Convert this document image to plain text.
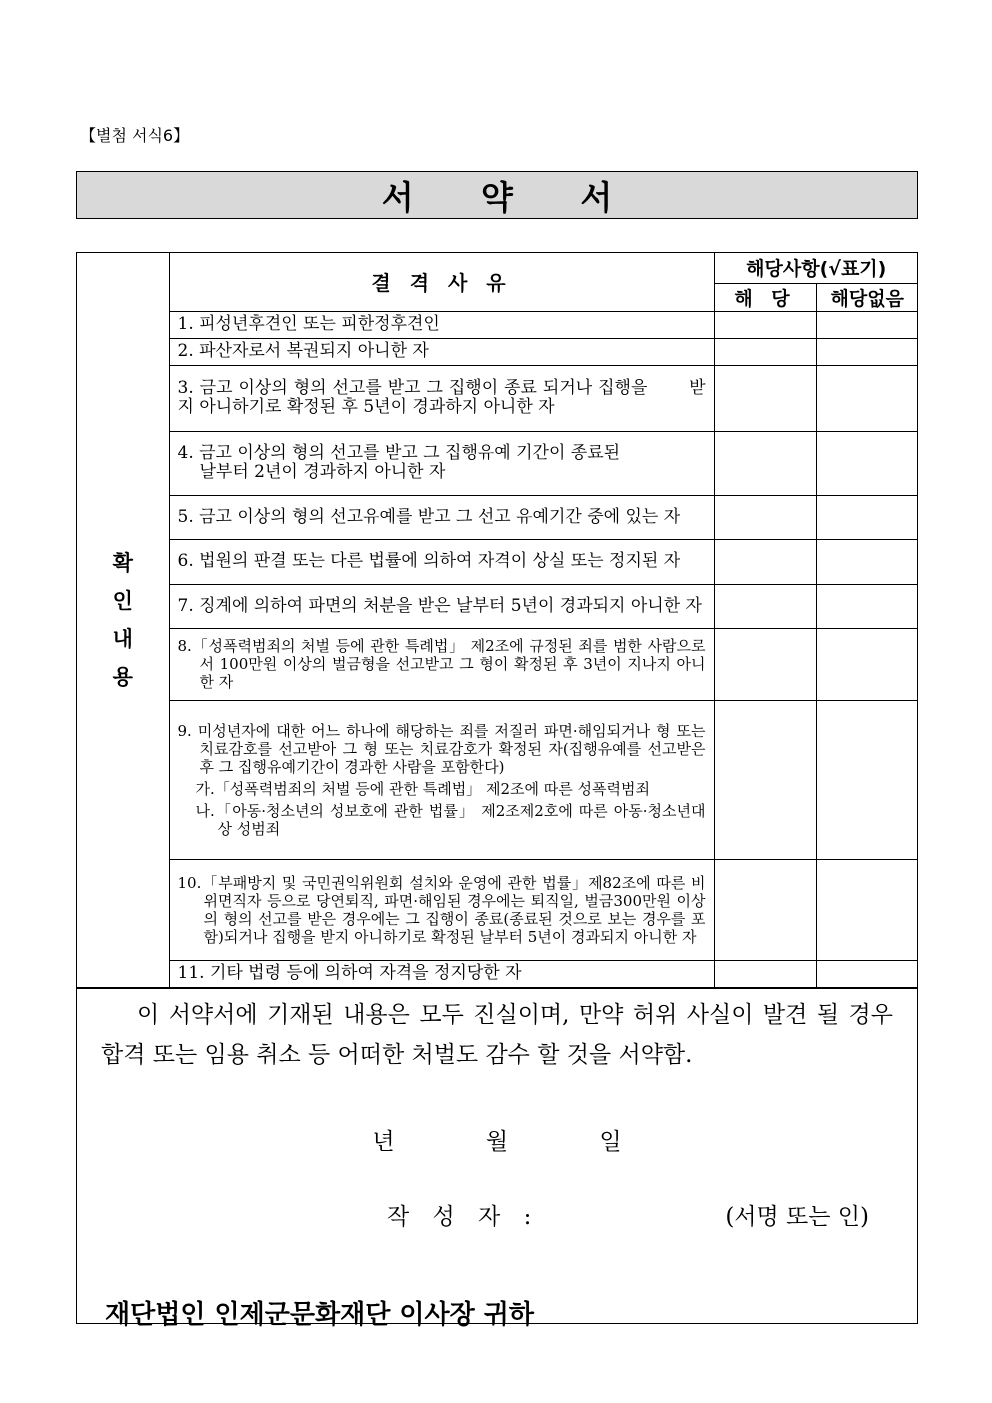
【별첨 서식6】
서 약 서
확 인
내 용	결 격 사 유	해당사항(√표기)	
		해 당	해당없음
	1. 피성년후견인 또는 피한정후견인		
	2. 파산자로서 복권되지 아니한 자		
	3. 금고 이상의 형의 선고를 받고 그 집행이 종료 되거나 집행을       받지 아니하기로 확정된 후 5년이 경과하지 아니한 자		

	4. 금고 이상의 형의 선고를 받고 그 집행유예 기간이 종료된
날부터 2년이 경과하지 아니한 자		

	5. 금고 이상의 형의 선고유예를 받고 그 선고 유예기간 중에 있는 자		
	6. 법원의 판결 또는 다른 법률에 의하여 자격이 상실 또는 정지된 자		
	7. 징계에 의하여 파면의 처분을 받은 날부터 5년이 경과되지 아니한 자		

	8.「성폭력범죄의 처벌 등에 관한 특례법」 제2조에 규정된 죄를 범한 사람으로서 100만원 이상의 벌금형을 선고받고 그 형이 확정된 후 3년이 지나지 아니한 자		

	9. 미성년자에 대한 어느 하나에 해당하는 죄를 저질러 파면·해임되거나 형 또는 치료감호를 선고받아 그 형 또는 치료감호가 확정된 자(집행유예를 선고받은 후 그 집행유예기간이 경과한 사람을 포함한다)
가.「성폭력범죄의 처벌 등에 관한 특례법」 제2조에 따른 성폭력범죄
나.「아동·청소년의 성보호에 관한 법률」 제2조제2호에 따른 아동·청소년대상 성범죄		

	10.「부패방지 및 국민권익위원회 설치와 운영에 관한 법률」제82조에 따른 비위면직자 등으로 당연퇴직, 파면·해임된 경우에는 퇴직일, 벌금300만원 이상의 형의 선고를 받은 경우에는 그 집행이 종료(종료된 것으로 보는 경우를 포함)되거나 집행을 받지 아니하기로 확정된 날부터 5년이 경과되지 아니한 자		

	11. 기타 법령 등에 의하여 자격을 정지당한 자		
이 서약서에 기재된 내용은 모두 진실이며, 만약 허위 사실이 발견 될 경우 합격 또는 임용 취소 등 어떠한 처벌도 감수 할 것을 서약함.
년	월	일
작 성 자 :	(서명 또는 인)
재단법인 인제군문화재단 이사장 귀하
